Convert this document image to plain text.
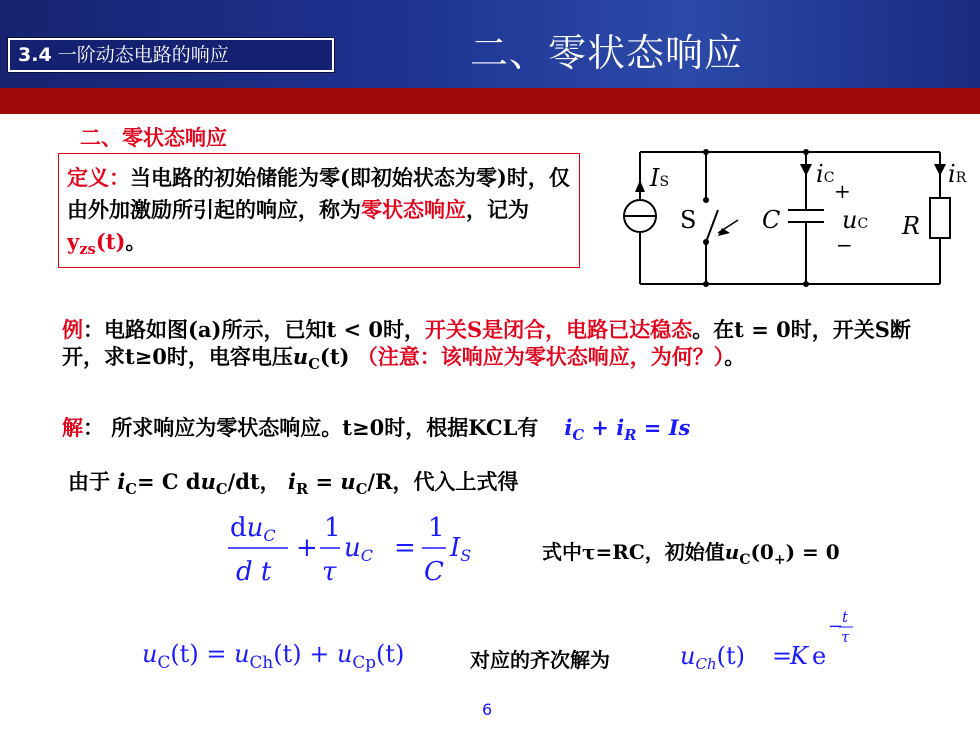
3.4 一阶动态电路的响应	二、零状态响应
二、零状态响应
定义：当电路的初始储能为零(即初始状态为零)时，仅由外加激励所引起的响应，称为零状态响应，记为$y_{zs}(t)$。
IS
S	C
iC
+
uC
−
iR
R
例：电路如图(a)所示，已知t < 0时，开关S是闭合，电路已达稳态。在t = 0时，开关S断开，求t≥0时，电容电压$u_C(t)$ （注意：该响应为零状态响应，为何？）。
解： 所求响应为零状态响应。t≥0时，根据KCL有 $i_C + i_R = Is$
由于 $i_C= C$ $du_C/dt$， $i_R = u_C/R$，代入上式得
duC
d t
+
1
τ
uC =
1
C
IS	式中τ=RC，初始值$u_C(0_+) = 0$
$u_C(t) = u_{Ch}(t) + u_{Cp}(t)$	对应的齐次解为	$u_{Ch}(t)$ =
K e
−
t
τ
6
